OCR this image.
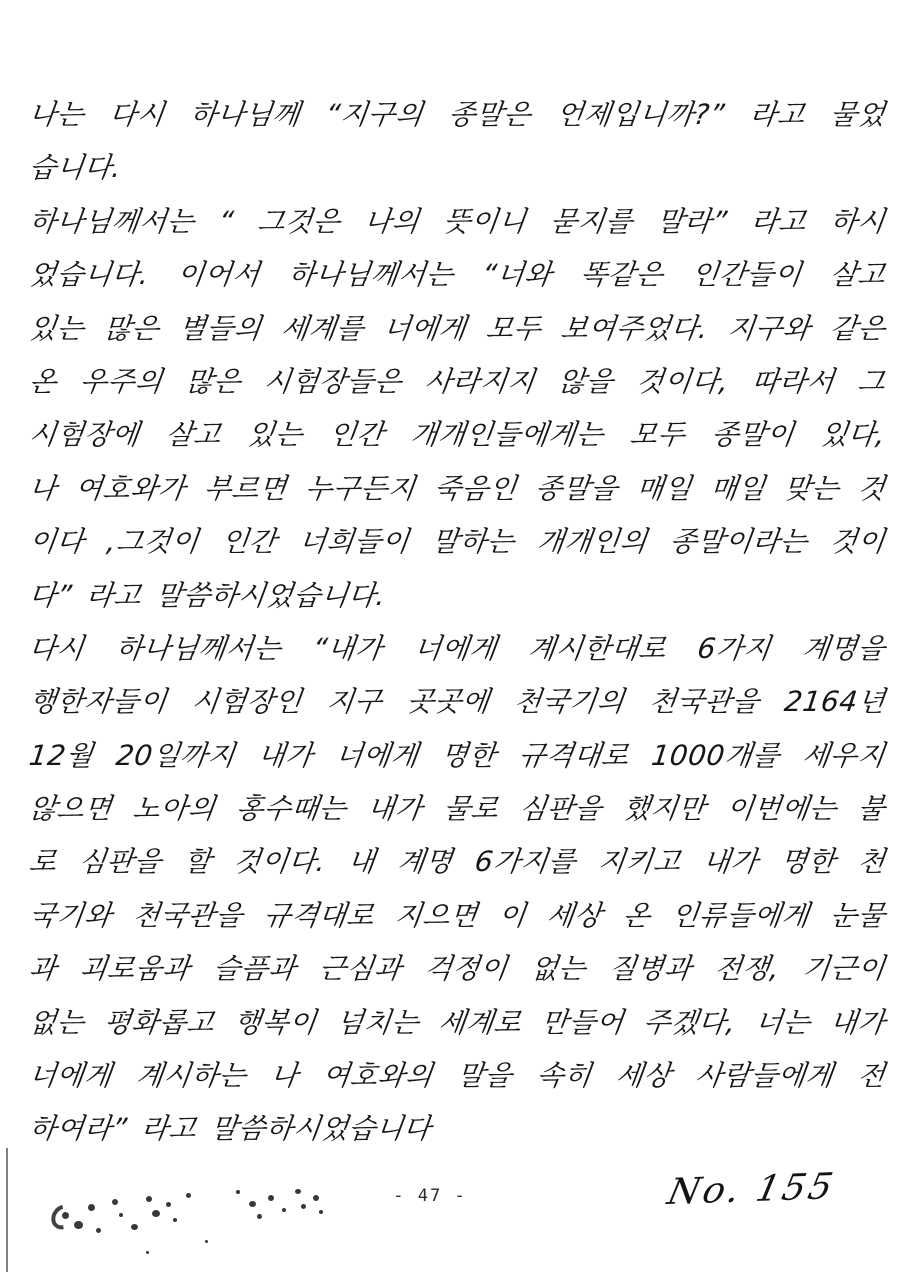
나는 다시 하나님께 “지구의 종말은 언제입니까?” 라고 물었

습니다.

하나님께서는 “ 그것은 나의 뜻이니 묻지를 말라” 라고 하시

었습니다. 이어서 하나님께서는 “너와 똑같은 인간들이 살고

있는 많은 별들의 세계를 너에게 모두 보여주었다. 지구와 같은

온 우주의 많은 시험장들은 사라지지 않을 것이다, 따라서 그

시험장에 살고 있는 인간 개개인들에게는 모두 종말이 있다,

나 여호와가 부르면 누구든지 죽음인 종말을 매일 매일 맞는 것

이다 ,그것이 인간 너희들이 말하는 개개인의 종말이라는 것이

다” 라고 말씀하시었습니다.

다시 하나님께서는 “내가 너에게 계시한대로 6가지 계명을

행한자들이 시험장인 지구 곳곳에 천국기의 천국관을 2164년

12월 20일까지 내가 너에게 명한 규격대로 1000개를 세우지

않으면 노아의 홍수때는 내가 물로 심판을 했지만 이번에는 불

로 심판을 할 것이다. 내 계명 6가지를 지키고 내가 명한 천

국기와 천국관을 규격대로 지으면 이 세상 온 인류들에게 눈물

과 괴로움과 슬픔과 근심과 걱정이 없는 질병과 전쟁, 기근이

없는 평화롭고 행복이 넘치는 세계로 만들어 주겠다, 너는 내가

너에게 계시하는 나 여호와의 말을 속히 세상 사람들에게 전

하여라” 라고 말씀하시었습니다

- 47 -	No. 155
